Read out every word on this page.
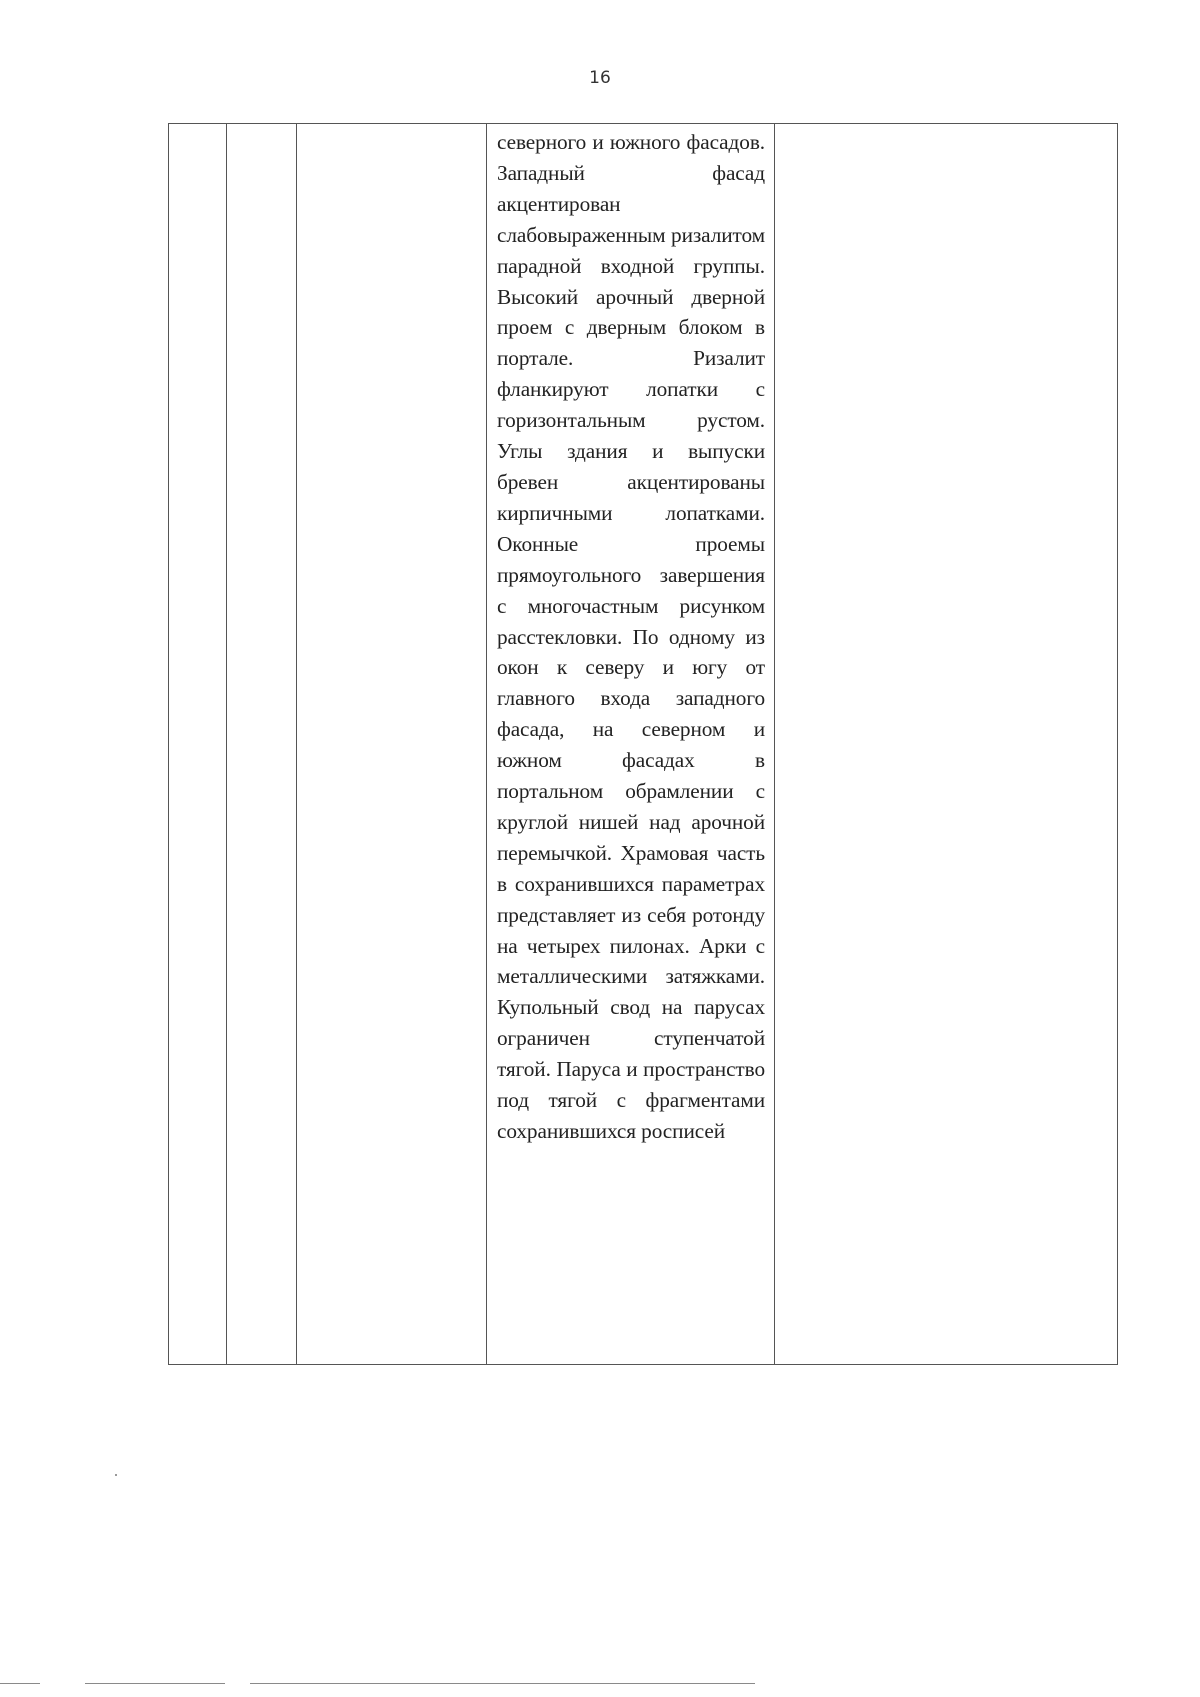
16
северного и южного фасадов. Западный фасад акцентирован слабовыраженным ризалитом парадной входной группы. Высокий арочный дверной проем с дверным блоком в портале. Ризалит фланкируют лопатки с горизонтальным рустом. Углы здания и выпуски бревен акцентированы кирпичными лопатками. Оконные проемы прямоугольного завершения с многочастным рисунком расстекловки. По одному из окон к северу и югу от главного входа западного фасада, на северном и южном фасадах в портальном обрамлении с круглой нишей над арочной перемычкой. Храмовая часть в сохранившихся параметрах представляет из себя ротонду на четырех пилонах. Арки с металлическими затяжками. Купольный свод на парусах ограничен ступенчатой тягой. Паруса и пространство под тягой с фрагментами сохранившихся росписей
